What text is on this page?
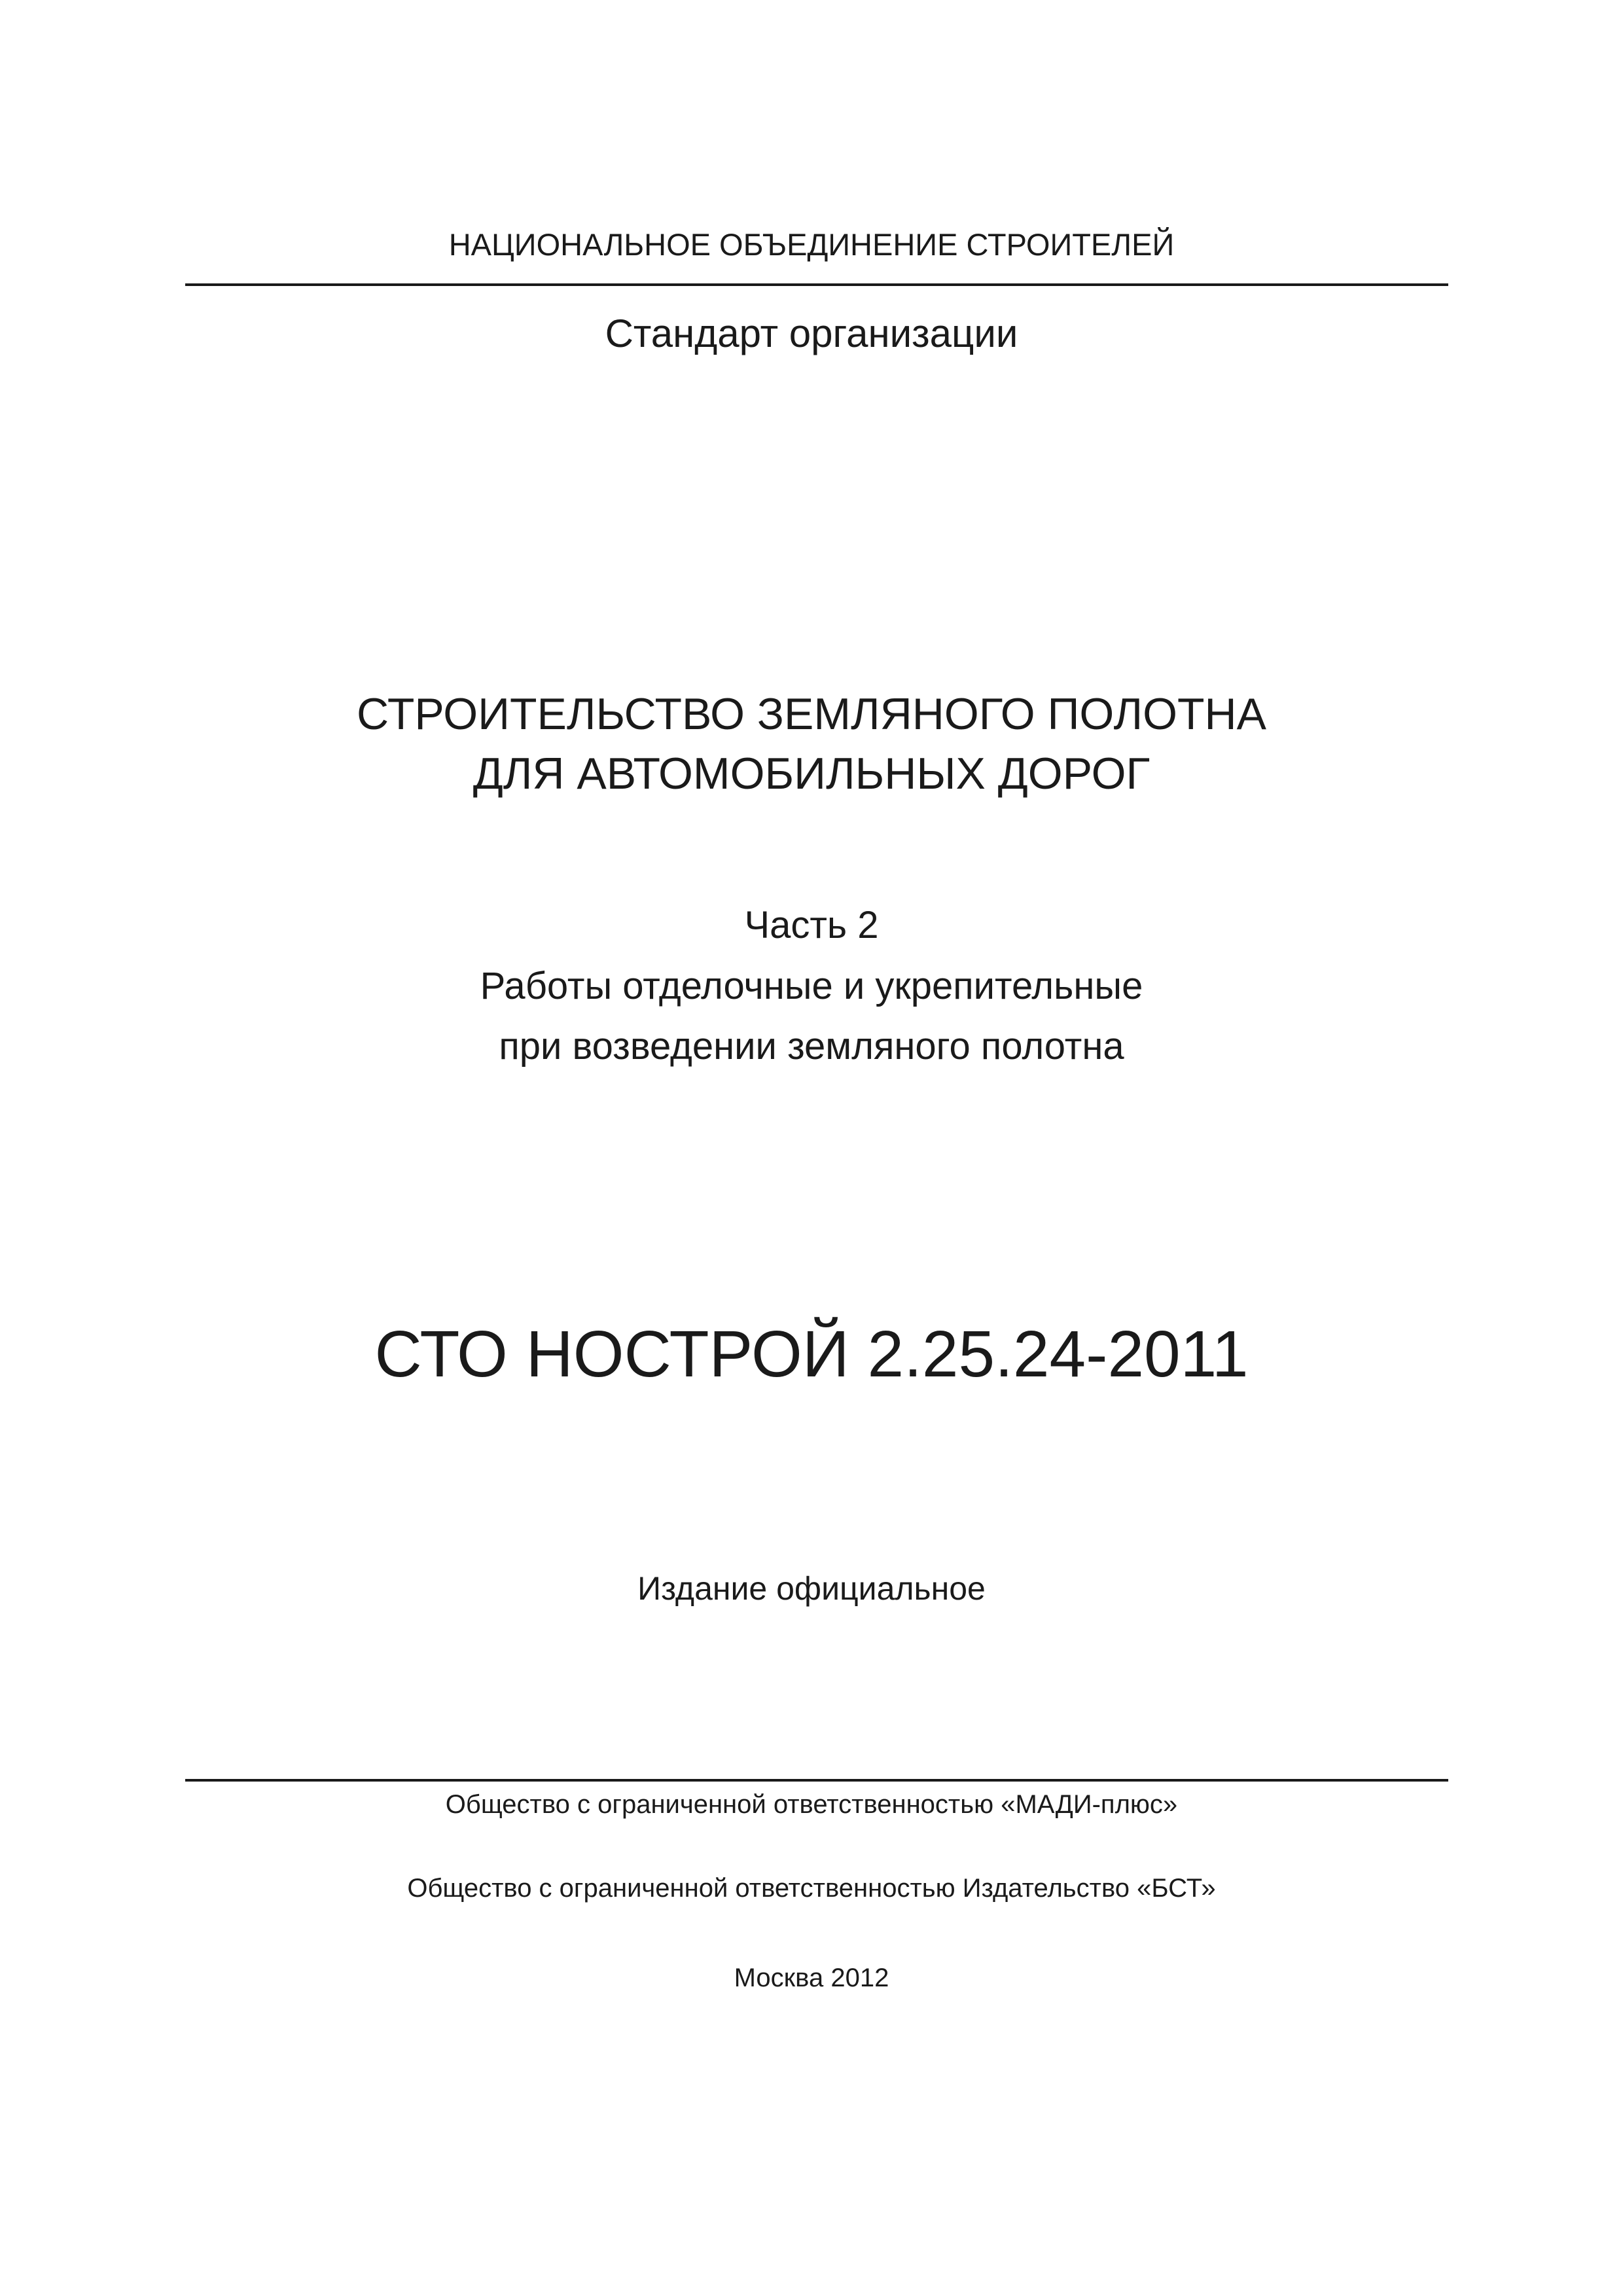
НАЦИОНАЛЬНОЕ ОБЪЕДИНЕНИЕ СТРОИТЕЛЕЙ
Стандарт организации
СТРОИТЕЛЬСТВО ЗЕМЛЯНОГО ПОЛОТНА
ДЛЯ АВТОМОБИЛЬНЫХ ДОРОГ
Часть 2
Работы отделочные и укрепительные
при возведении земляного полотна
СТО НОСТРОЙ 2.25.24-2011
Издание официальное
Общество с ограниченной ответственностью «МАДИ-плюс»
Общество с ограниченной ответственностью Издательство «БСТ»
Москва 2012
